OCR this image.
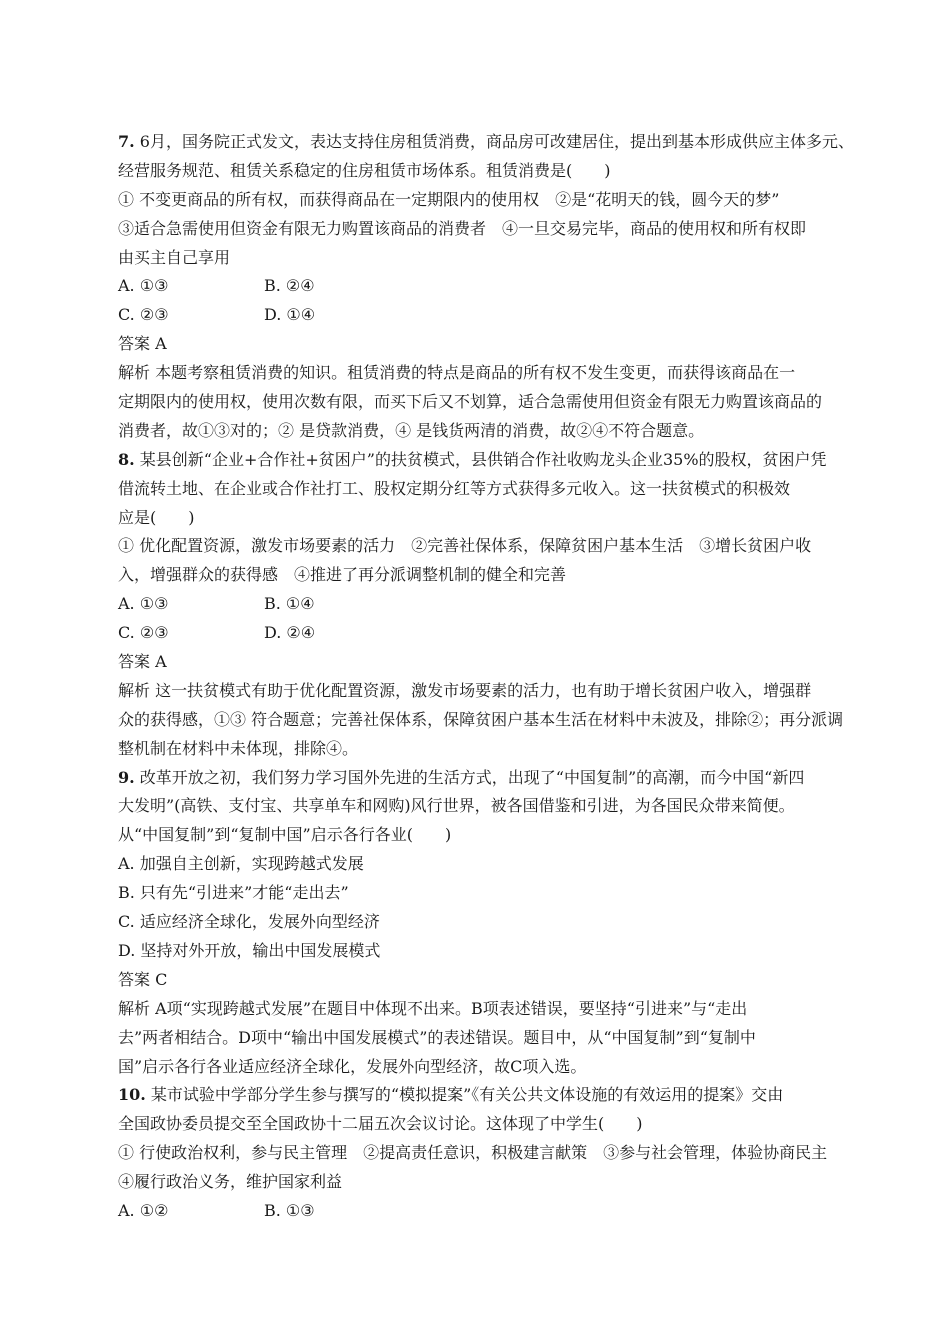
7. 6月，国务院正式发文，表达支持住房租赁消费，商品房可改建居住，提出到基本形成供应主体多元、
经营服务规范、租赁关系稳定的住房租赁市场体系。租赁消费是(　　)
① 不变更商品的所有权，而获得商品在一定期限内的使用权　②是“花明天的钱，圆今天的梦”
③适合急需使用但资金有限无力购置该商品的消费者　④一旦交易完毕，商品的使用权和所有权即
由买主自己享用
A. ①③	B. ②④
C. ②③	D. ①④
答案 A
解析 本题考察租赁消费的知识。租赁消费的特点是商品的所有权不发生变更，而获得该商品在一
定期限内的使用权，使用次数有限，而买下后又不划算，适合急需使用但资金有限无力购置该商品的
消费者，故①③对的；② 是贷款消费，④ 是钱货两清的消费，故②④不符合题意。
8. 某县创新“企业+合作社+贫困户”的扶贫模式，县供销合作社收购龙头企业35%的股权，贫困户凭
借流转土地、在企业或合作社打工、股权定期分红等方式获得多元收入。这一扶贫模式的积极效
应是(　　)
① 优化配置资源，激发市场要素的活力　②完善社保体系，保障贫困户基本生活　③增长贫困户收
入，增强群众的获得感　④推进了再分派调整机制的健全和完善
A. ①③	B. ①④
C. ②③	D. ②④
答案 A
解析 这一扶贫模式有助于优化配置资源，激发市场要素的活力，也有助于增长贫困户收入，增强群
众的获得感，①③ 符合题意；完善社保体系，保障贫困户基本生活在材料中未波及，排除②；再分派调
整机制在材料中未体现，排除④。
9. 改革开放之初，我们努力学习国外先进的生活方式，出现了“中国复制”的高潮，而今中国“新四
大发明”(高铁、支付宝、共享单车和网购)风行世界，被各国借鉴和引进，为各国民众带来简便。
从“中国复制”到“复制中国”启示各行各业(　　)
A. 加强自主创新，实现跨越式发展
B. 只有先“引进来”才能“走出去”
C. 适应经济全球化，发展外向型经济
D. 坚持对外开放，输出中国发展模式
答案 C
解析 A项“实现跨越式发展”在题目中体现不出来。B项表述错误，要坚持“引进来”与“走出
去”两者相结合。D项中“输出中国发展模式”的表述错误。题目中，从“中国复制”到“复制中
国”启示各行各业适应经济全球化，发展外向型经济，故C项入选。
10. 某市试验中学部分学生参与撰写的“模拟提案”《有关公共文体设施的有效运用的提案》交由
全国政协委员提交至全国政协十二届五次会议讨论。这体现了中学生(　　)
① 行使政治权利，参与民主管理　②提高责任意识，积极建言献策　③参与社会管理，体验协商民主
④履行政治义务，维护国家利益
A. ①②	B. ①③
